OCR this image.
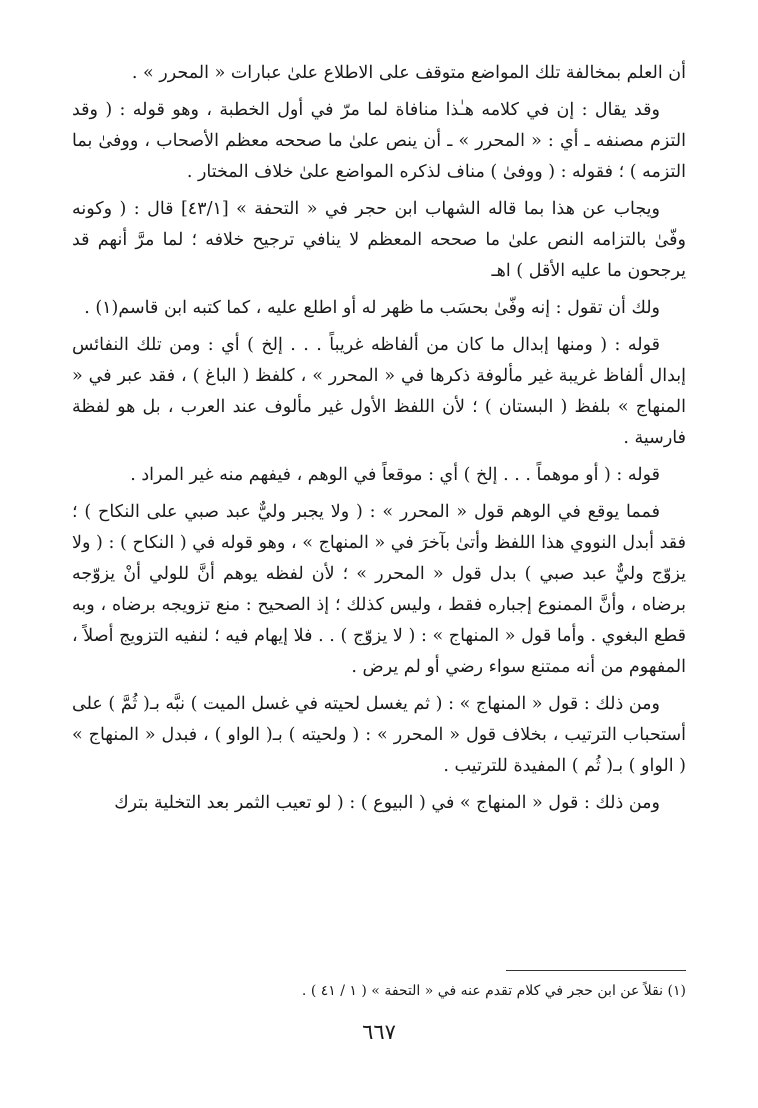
أن العلم بمخالفة تلك المواضع متوقف على الاطلاع علىٰ عبارات « المحرر » .

وقد يقال : إن في كلامه هـٰذا منافاة لما مرّ في أول الخطبة ، وهو قوله : ( وقد التزم مصنفه ـ أي : « المحرر » ـ أن ينص علىٰ ما صححه معظم الأصحاب ، ووفىٰ بما التزمه ) ؛ فقوله : ( ووفىٰ ) مناف لذكره المواضع علىٰ خلاف المختار .

ويجاب عن هذا بما قاله الشهاب ابن حجر في « التحفة » [٤٣/١] قال : ( وكونه وفّىٰ بالتزامه النص علىٰ ما صححه المعظم لا ينافي ترجيح خلافه ؛ لما مرَّ أنهم قد يرجحون ما عليه الأقل ) اهـ

ولك أن تقول : إنه وفّىٰ بحسَب ما ظهر له أو اطلع عليه ، كما كتبه ابن قاسم(١) .

قوله : ( ومنها إبدال ما كان من ألفاظه غريباً . . . إلخ ) أي : ومن تلك النفائس إبدال ألفاظ غريبة غير مألوفة ذكرها في « المحرر » ، كلفظ ( الباغ ) ، فقد عبر في « المنهاج » بلفظ ( البستان ) ؛ لأن اللفظ الأول غير مألوف عند العرب ، بل هو لفظة فارسية .

قوله : ( أو موهماً . . . إلخ ) أي : موقعاً في الوهم ، فيفهم منه غير المراد .

فمما يوقع في الوهم قول « المحرر » : ( ولا يجبر وليٌّ عبد صبي على النكاح ) ؛ فقد أبدل النووي هذا اللفظ وأتىٰ بآخرَ في « المنهاج » ، وهو قوله في ( النكاح ) : ( ولا يزوّج وليٌّ عبد صبي ) بدل قول « المحرر » ؛ لأن لفظه يوهم أنَّ للولي أنْ يزوّجه برضاه ، وأنَّ الممنوع إجباره فقط ، وليس كذلك ؛ إذ الصحيح : منع تزويجه برضاه ، وبه قطع البغوي . وأما قول « المنهاج » : ( لا يزوّج ) . . فلا إيهام فيه ؛ لنفيه التزويج أصلاً ، المفهوم من أنه ممتنع سواء رضي أو لم يرض .

ومن ذلك : قول « المنهاج » : ( ثم يغسل لحيته في غسل الميت ) نبَّه بـ( ثُمَّ ) على أستحباب الترتيب ، بخلاف قول « المحرر » : ( ولحيته ) بـ( الواو ) ، فبدل « المنهاج » ( الواو ) بـ( ثُم ) المفيدة للترتيب .

ومن ذلك : قول « المنهاج » في ( البيوع ) : ( لو تعيب الثمر بعد التخلية بترك

(١) نقلاً عن ابن حجر في كلام تقدم عنه في « التحفة » ( ١ / ٤١ ) .
٦٦٧
